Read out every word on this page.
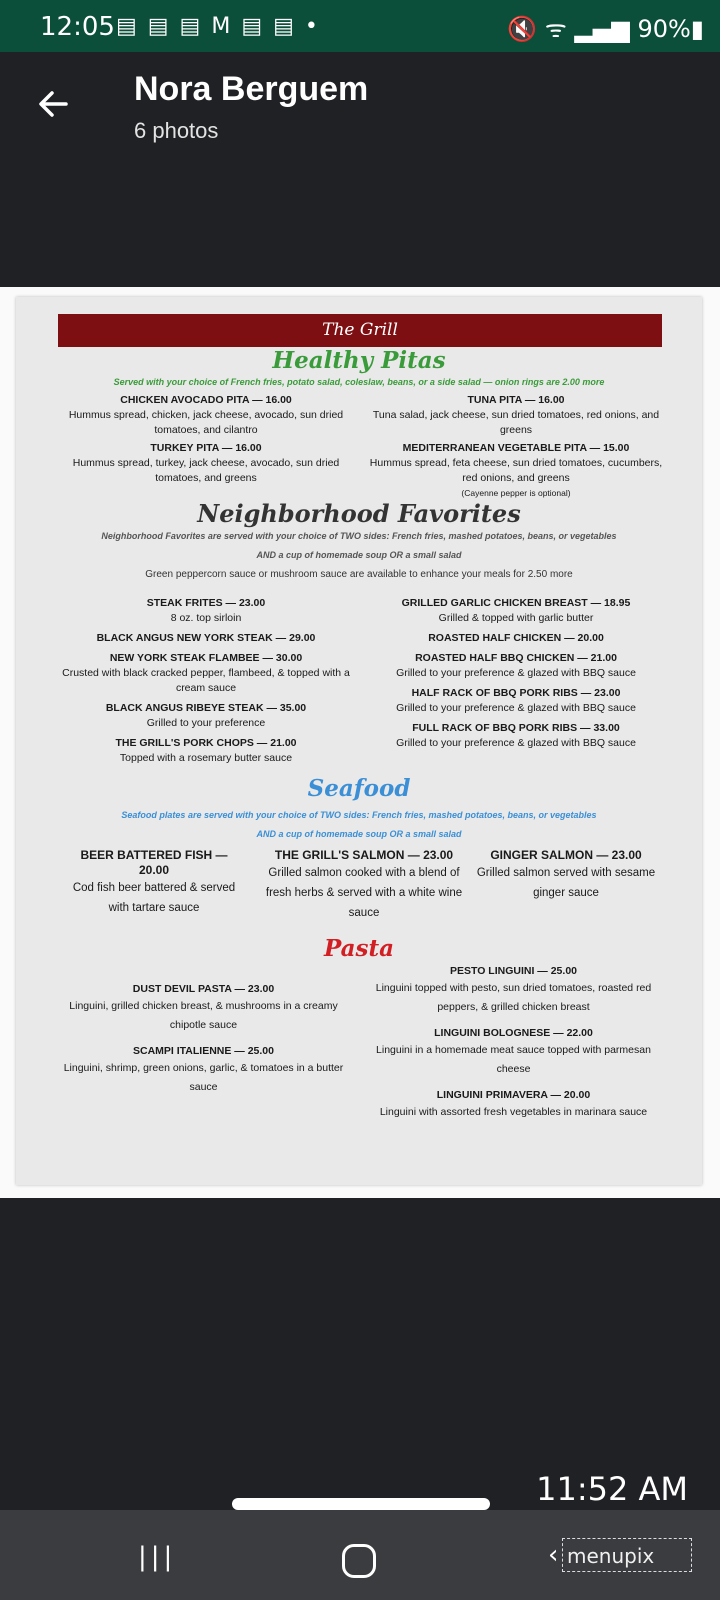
12:05 ▤ ▤ ▤ M ▤ ▤ •	🔇 ᯤ ▂▄▆ 90%▮
Nora Berguem
6 photos
The Grill
Healthy Pitas
Served with your choice of French fries, potato salad, coleslaw, beans, or a side salad — onion rings are 2.00 more
CHICKEN AVOCADO PITA — 16.00
Hummus spread, chicken, jack cheese, avocado, sun dried tomatoes, and cilantro
TUNA PITA — 16.00
Tuna salad, jack cheese, sun dried tomatoes, red onions, and greens
TURKEY PITA — 16.00
Hummus spread, turkey, jack cheese, avocado, sun dried tomatoes, and greens
MEDITERRANEAN VEGETABLE PITA — 15.00
Hummus spread, feta cheese, sun dried tomatoes, cucumbers, red onions, and greens
(Cayenne pepper is optional)
Neighborhood Favorites
Neighborhood Favorites are served with your choice of TWO sides: French fries, mashed potatoes, beans, or vegetables
AND a cup of homemade soup OR a small salad
Green peppercorn sauce or mushroom sauce are available to enhance your meals for 2.50 more
STEAK FRITES — 23.00
8 oz. top sirloin
BLACK ANGUS NEW YORK STEAK — 29.00
NEW YORK STEAK FLAMBEE — 30.00
Crusted with black cracked pepper, flambeed, & topped with a cream sauce
BLACK ANGUS RIBEYE STEAK — 35.00
Grilled to your preference
THE GRILL'S PORK CHOPS — 21.00
Topped with a rosemary butter sauce
GRILLED GARLIC CHICKEN BREAST — 18.95
Grilled & topped with garlic butter
ROASTED HALF CHICKEN — 20.00
ROASTED HALF BBQ CHICKEN — 21.00
Grilled to your preference & glazed with BBQ sauce
HALF RACK OF BBQ PORK RIBS — 23.00
Grilled to your preference & glazed with BBQ sauce
FULL RACK OF BBQ PORK RIBS — 33.00
Grilled to your preference & glazed with BBQ sauce
Seafood
Seafood plates are served with your choice of TWO sides: French fries, mashed potatoes, beans, or vegetables
AND a cup of homemade soup OR a small salad
BEER BATTERED FISH — 20.00
Cod fish beer battered & served with tartare sauce
THE GRILL'S SALMON — 23.00
Grilled salmon cooked with a blend of fresh herbs & served with a white wine sauce
GINGER SALMON — 23.00
Grilled salmon served with sesame ginger sauce
Pasta
DUST DEVIL PASTA — 23.00
Linguini, grilled chicken breast, & mushrooms in a creamy chipotle sauce
SCAMPI ITALIENNE — 25.00
Linguini, shrimp, green onions, garlic, & tomatoes in a butter sauce
PESTO LINGUINI — 25.00
Linguini topped with pesto, sun dried tomatoes, roasted red peppers, & grilled chicken breast
LINGUINI BOLOGNESE — 22.00
Linguini in a homemade meat sauce topped with parmesan cheese
LINGUINI PRIMAVERA — 20.00
Linguini with assorted fresh vegetables in marinara sauce
11:52 AM
|||	‹ menupix
